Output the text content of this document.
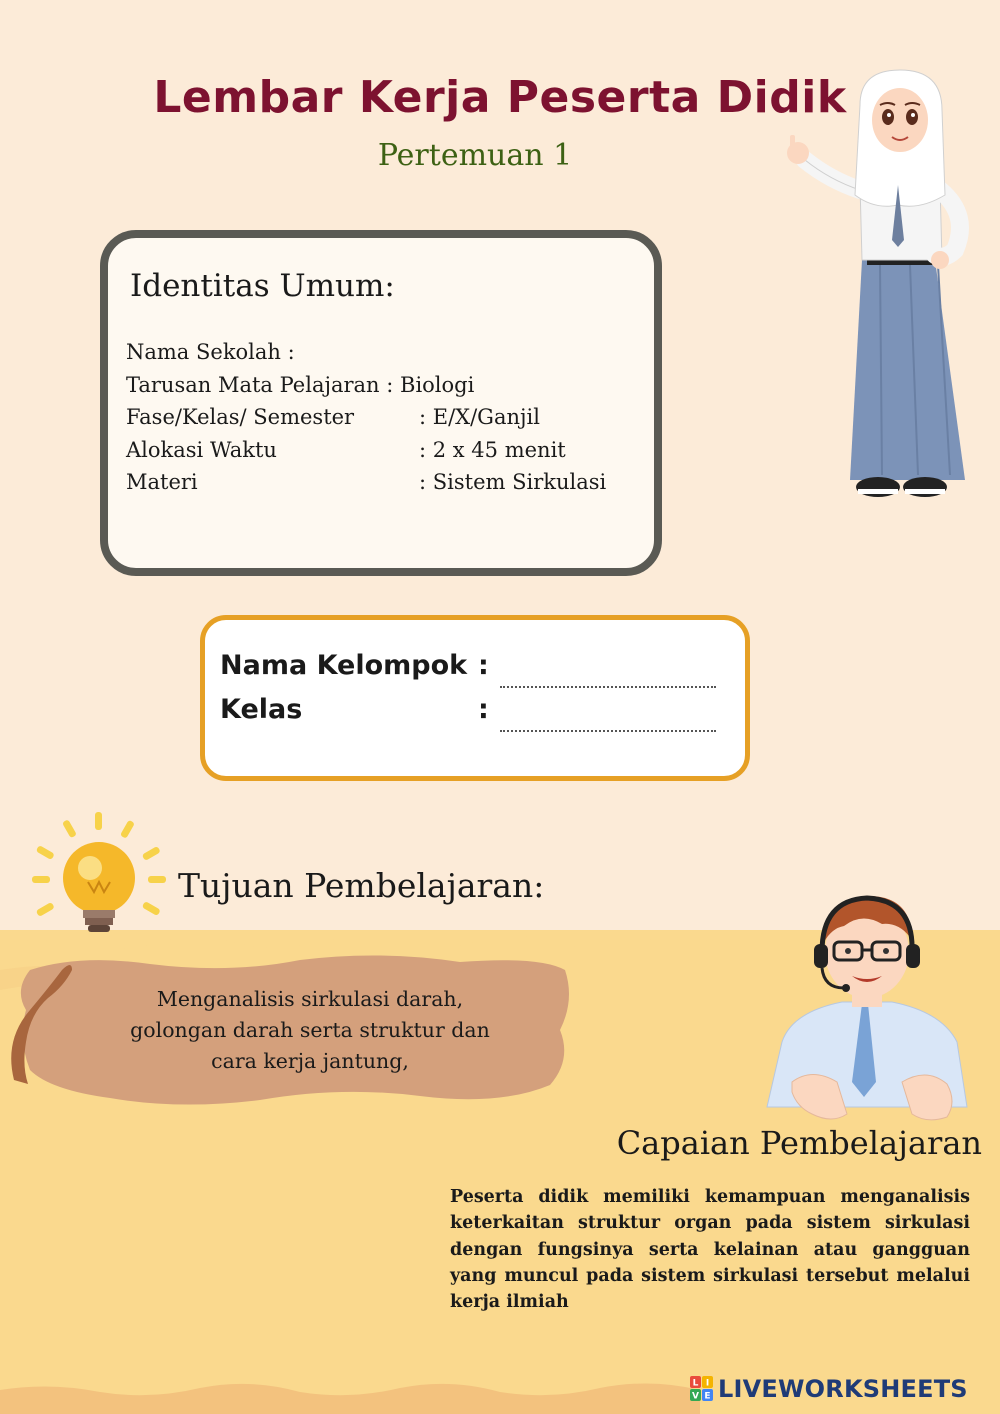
Lembar Kerja Peserta Didik
Pertemuan 1
Identitas Umum:
Nama Sekolah :
Tarusan Mata Pelajaran : Biologi
Fase/Kelas/ Semester	: E/X/Ganjil
Alokasi Waktu	: 2 x 45 menit
Materi	: Sistem Sirkulasi
Nama Kelompok :
Kelas	:
Tujuan Pembelajaran:
Menganalisis sirkulasi darah,
golongan darah serta struktur dan
cara kerja jantung,
Capaian Pembelajaran
Peserta didik memiliki kemampuan menganalisis keterkaitan struktur organ pada sistem sirkulasi dengan fungsinya serta kelainan atau gangguan yang muncul pada sistem sirkulasi tersebut melalui kerja ilmiah
L I
V E LIVEWORKSHEETS
